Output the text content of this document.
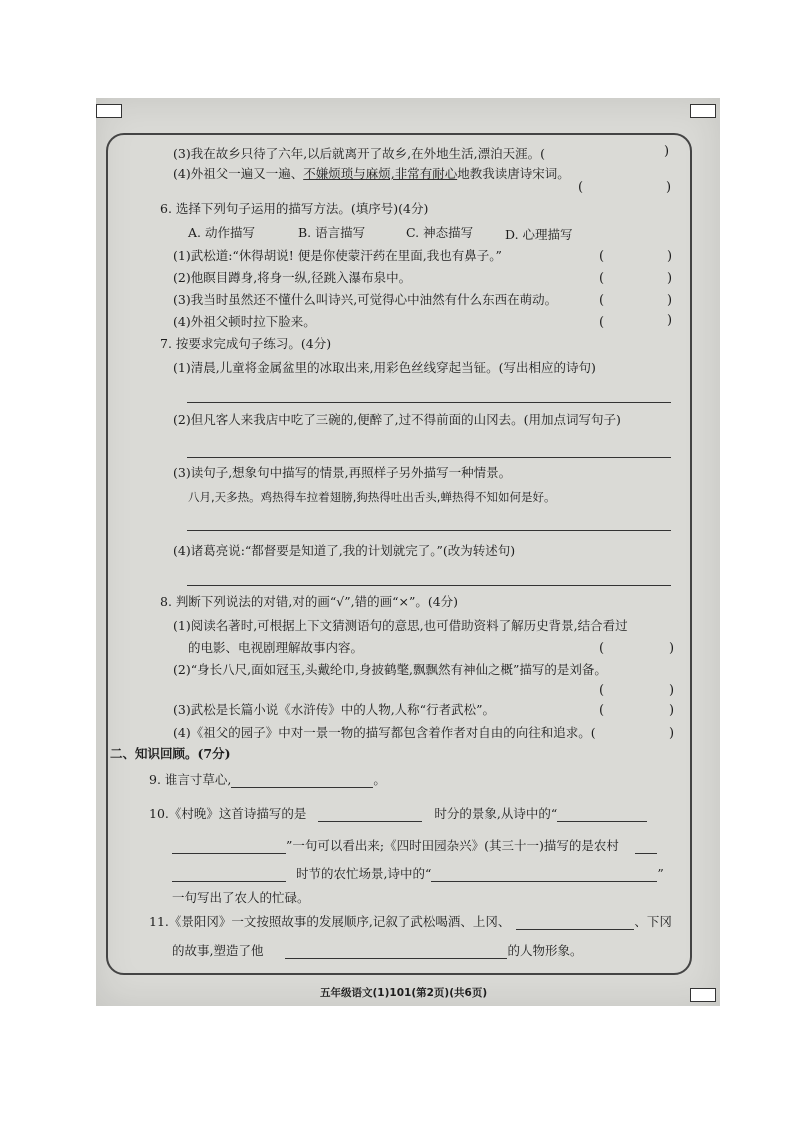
(3)我在故乡只待了六年,以后就离开了故乡,在外地生活,漂泊天涯。(	)
(4)外祖父一遍又一遍、不嫌烦琐与麻烦,非常有耐心地教我读唐诗宋词。
(	)
6. 选择下列句子运用的描写方法。(填序号)(4分)
A. 动作描写	B. 语言描写	C. 神态描写	D. 心理描写
(1)武松道:“休得胡说! 便是你使蒙汗药在里面,我也有鼻子。”	(	)
(2)他瞑目蹲身,将身一纵,径跳入瀑布泉中。	(	)
(3)我当时虽然还不懂什么叫诗兴,可觉得心中油然有什么东西在萌动。	(	)
(4)外祖父顿时拉下脸来。	(	)
7. 按要求完成句子练习。(4分)
(1)清晨,儿童将金属盆里的冰取出来,用彩色丝线穿起当钲。(写出相应的诗句)
(2)但凡客人来我店中吃了三碗的,便醉了,过不得前面的山冈去。(用加点词写句子)
(3)读句子,想象句中描写的情景,再照样子另外描写一种情景。
八月,天多热。鸡热得车拉着翅膀,狗热得吐出舌头,蝉热得不知如何是好。
(4)诸葛亮说:“都督要是知道了,我的计划就完了。”(改为转述句)
8. 判断下列说法的对错,对的画“√”,错的画“×”。(4分)
(1)阅读名著时,可根据上下文猜测语句的意思,也可借助资料了解历史背景,结合看过
的电影、电视剧理解故事内容。	(	)
(2)“身长八尺,面如冠玉,头戴纶巾,身披鹤氅,飘飘然有神仙之概”描写的是刘备。
(	)
(3)武松是长篇小说《水浒传》中的人物,人称“行者武松”。	(	)
(4)《祖父的园子》中对一景一物的描写都包含着作者对自由的向往和追求。(	)
二、知识回顾。(7分)
9. 谁言寸草心,	。
10.《村晚》这首诗描写的是	时分的景象,从诗中的“
”一句可以看出来;《四时田园杂兴》(其三十一)描写的是农村
时节的农忙场景,诗中的“	”
一句写出了农人的忙碌。
11.《景阳冈》一文按照故事的发展顺序,记叙了武松喝酒、上冈、	、下冈
的故事,塑造了他	的人物形象。
五年级语文(1)101(第2页)(共6页)
